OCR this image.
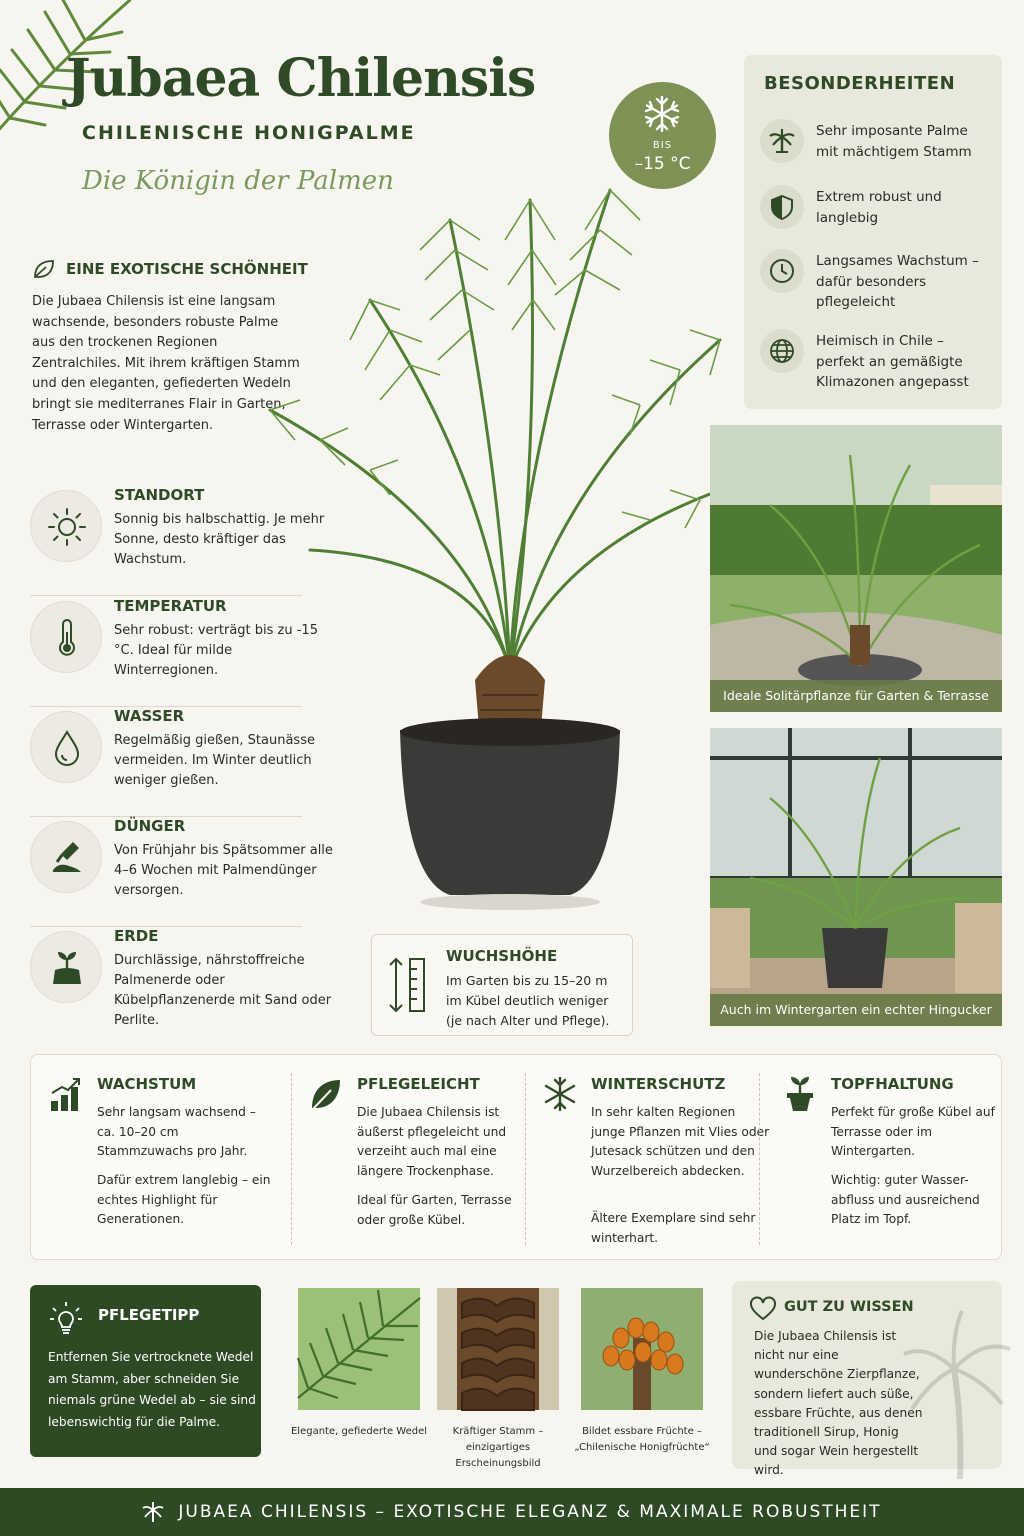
Jubaea Chilensis
CHILENISCHE HONIGPALME
Die Königin der Palmen
BIS
–15 °C
EINE EXOTISCHE SCHÖNHEIT
Die Jubaea Chilensis ist eine langsam wachsende, besonders robuste Palme aus den trockenen Regionen Zentralchiles. Mit ihrem kräftigen Stamm und den eleganten, gefiederten Wedeln bringt sie mediterranes Flair in Garten, Terrasse oder Wintergarten.
STANDORT

Sonnig bis halbschattig. Je mehr Sonne, desto kräftiger das Wachstum.

TEMPERATUR

Sehr robust: verträgt bis zu -15 °C. Ideal für milde Winterregionen.

WASSER

Regelmäßig gießen, Staunässe vermeiden. Im Winter deutlich weniger gießen.

DÜNGER

Von Frühjahr bis Spätsommer alle 4–6 Wochen mit Palmendünger versorgen.

ERDE

Durchlässige, nährstoffreiche Palmenerde oder Kübelpflanzenerde mit Sand oder Perlite.

BESONDERHEITEN

Sehr imposante Palme mit mächtigem Stamm

Extrem robust und langlebig

Langsames Wachstum – dafür besonders pflegeleicht

Heimisch in Chile – perfekt an gemäßigte Klimazonen angepasst

Ideale Solitärpflanze für Garten & Terrasse
Auch im Wintergarten ein echter Hingucker
WUCHSHÖHE

Im Garten bis zu 15–20 m im Kübel deutlich weniger (je nach Alter und Pflege).

WACHSTUM
Sehr langsam wachsend – ca. 10–20 cm Stammzuwachs pro Jahr.
Dafür extrem langlebig – ein echtes Highlight für Generationen.
PFLEGELEICHT
Die Jubaea Chilensis ist äußerst pflegeleicht und verzeiht auch mal eine längere Trockenphase.
Ideal für Garten, Terrasse oder große Kübel.
WINTERSCHUTZ
In sehr kalten Regionen junge Pflanzen mit Vlies oder Jutesack schützen und den Wurzelbereich abdecken.
Ältere Exemplare sind sehr winterhart.
TOPFHALTUNG
Perfekt für große Kübel auf Terrasse oder im Wintergarten.
Wichtig: guter Wasser-abfluss und ausreichend Platz im Topf.
PFLEGETIPP

Entfernen Sie vertrocknete Wedel am Stamm, aber schneiden Sie niemals grüne Wedel ab – sie sind lebenswichtig für die Palme.

Elegante, gefiederte Wedel	Kräftiger Stamm – einzigartiges Erscheinungsbild
Bildet essbare Früchte – „Chilenische Honigfrüchte“
GUT ZU WISSEN

Die Jubaea Chilensis ist nicht nur eine wunderschöne Zierpflanze, sondern liefert auch süße, essbare Früchte, aus denen traditionell Sirup, Honig und sogar Wein hergestellt wird.

JUBAEA CHILENSIS – EXOTISCHE ELEGANZ & MAXIMALE ROBUSTHEIT
